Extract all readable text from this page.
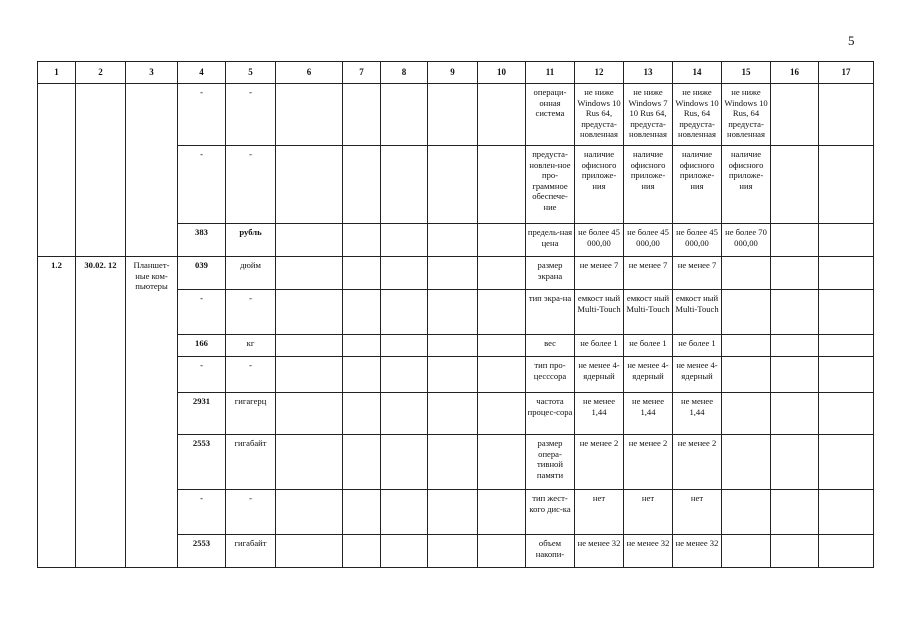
5
1	2	3	4	5	6	7	8	9	10	11	12	13	14	15	16	17
			-	-						операци-онная система	не ниже Windows 10 Rus 64, предуста-новленная	не ниже Windows 7 10 Rus 64, предуста-новленная	не ниже Windows 10 Rus, 64 предуста-новленная	не ниже Windows 10 Rus, 64 предуста-новленная		
			-	-						предуста-новлен-ное про-граммное обеспече-ние	наличие офисного приложе-ния	наличие офисного приложе-ния	наличие офисного приложе-ния	наличие офисного приложе-ния		
			383	рубль						предель-ная цена	не более 45 000,00	не более 45 000,00	не более 45 000,00	не более 70 000,00		
1.2	30.02. 12	Планшет-ные ком-пьютеры	039	дюйм						размер экрана	не менее 7	не менее 7	не менее 7			
			-	-						тип экра-на	емкост ный Multi-Touch	емкост ный Multi-Touch	емкост ный Multi-Touch			
			166	кг						вес	не более 1	не более 1	не более 1			
			-	-						тип про-цесссора	не менее 4-ядерный	не менее 4-ядерный	не менее 4-ядерный			
			2931	гигагерц						частота процес-сора	не менее 1,44	не менее 1,44	не менее 1,44			
			2553	гигабайт						размер опера-тивной памяти	не менее 2	не менее 2	не менее 2			
			-	-						тип жест-кого дис-ка	нет	нет	нет			
			2553	гигабайт						объем накопи-	не менее 32	не менее 32	не менее 32			
